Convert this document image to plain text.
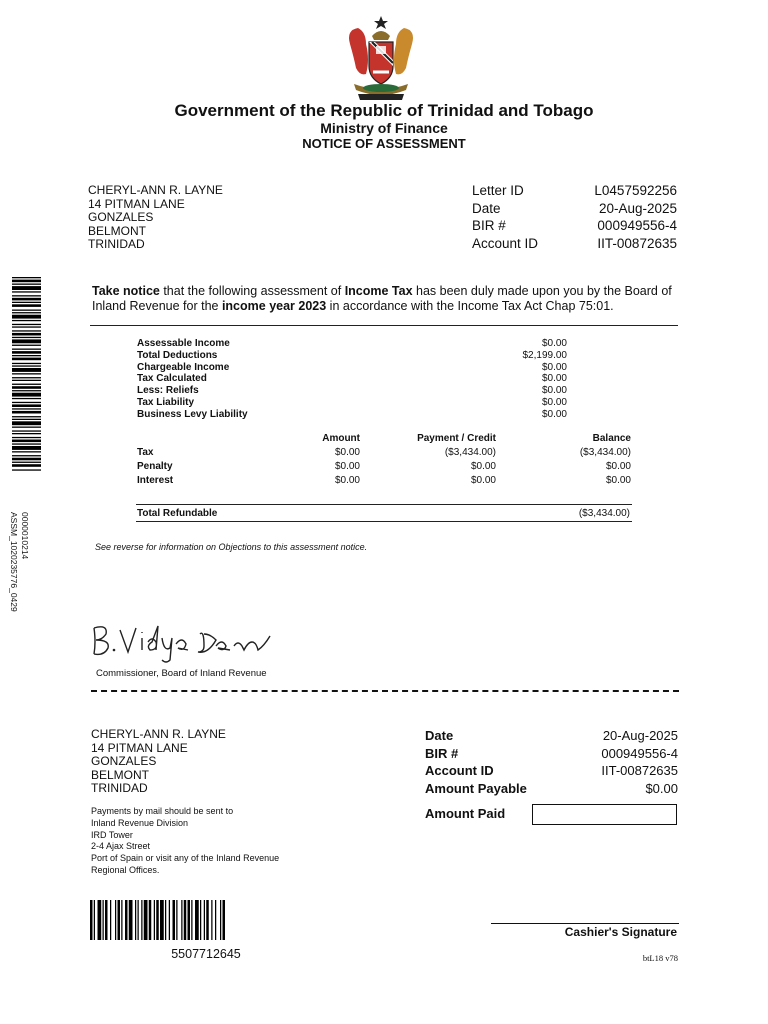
Government of the Republic of Trinidad and Tobago
Ministry of Finance
NOTICE OF ASSESSMENT
CHERYL-ANN R. LAYNE
14 PITMAN LANE
GONZALES
BELMONT
TRINIDAD
Letter ID	L0457592256
Date	20-Aug-2025
BIR #	000949556-4
Account ID	IIT-00872635
Take notice that the following assessment of Income Tax has been duly made upon you by the Board of Inland Revenue for the income year 2023 in accordance with the Income Tax Act Chap 75:01.
Assessable Income	$0.00
Total Deductions	$2,199.00
Chargeable Income	$0.00
Tax Calculated	$0.00
Less: Reliefs	$0.00
Tax Liability	$0.00
Business Levy Liability	$0.00
Amount	Payment / Credit	Balance
Tax	$0.00	($3,434.00)	($3,434.00)
Penalty	$0.00	$0.00	$0.00
Interest	$0.00	$0.00	$0.00
Total Refundable	($3,434.00)
See reverse for information on Objections to this assessment notice.
Commissioner, Board of Inland Revenue
CHERYL-ANN R. LAYNE
14 PITMAN LANE
GONZALES
BELMONT
TRINIDAD
Date	20-Aug-2025
BIR #	000949556-4
Account ID	IIT-00872635
Amount Payable	$0.00
Amount Paid
Payments by mail should be sent to
Inland Revenue Division
IRD Tower
2-4 Ajax Street
Port of Spain or visit any of the Inland Revenue
Regional Offices.
5507712645
Cashier's Signature
btL18 v78
0000010214
ASSM_1020235776_0429
